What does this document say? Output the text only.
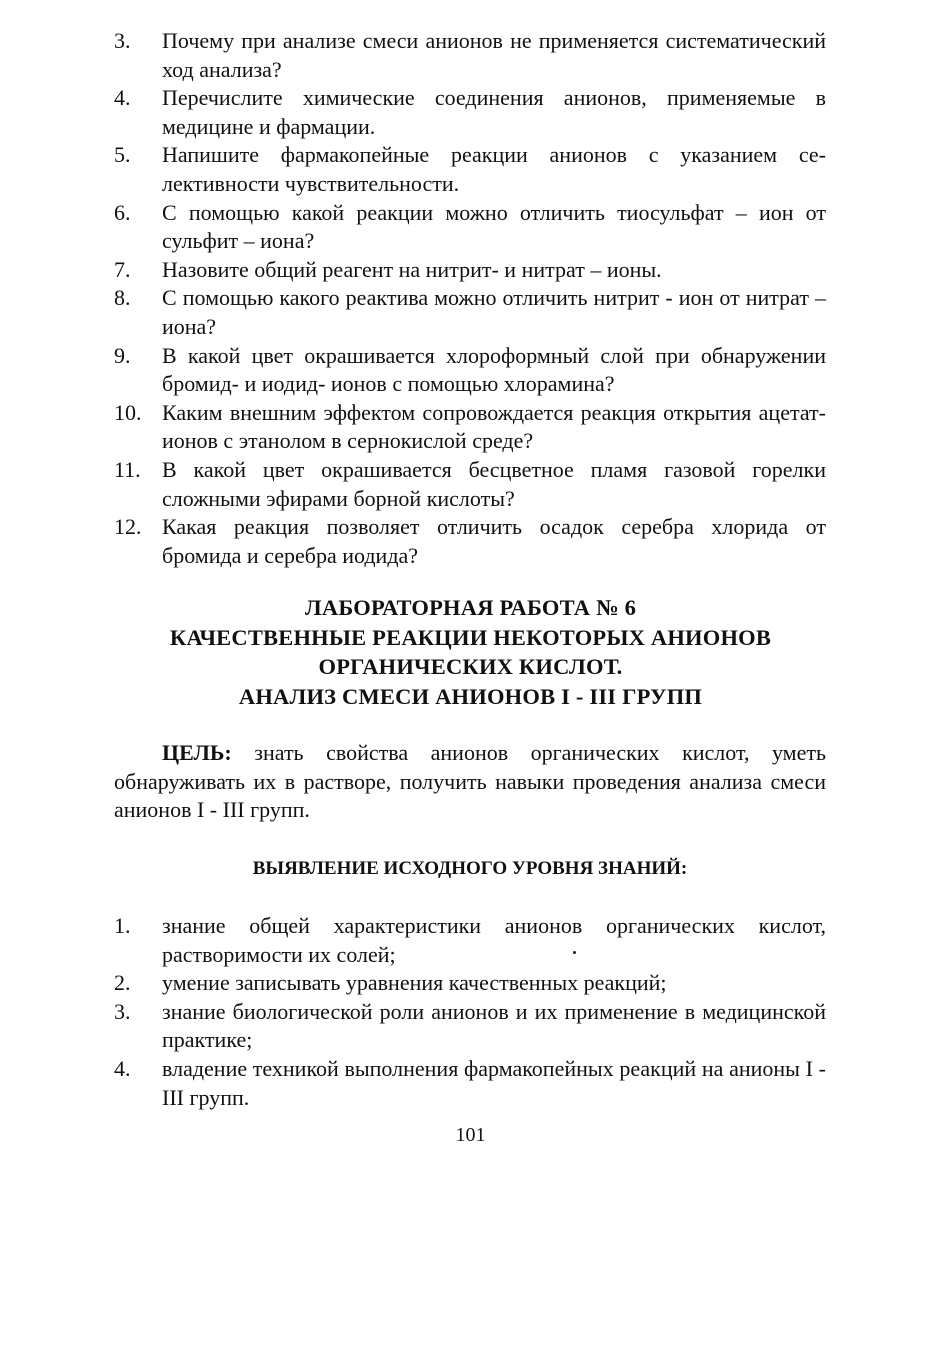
3.	Почему при анализе смеси анионов не применяется систематический ход анализа?
4.	Перечислите химические соединения анионов, применяемые в медицине и фармации.
5.	Напишите фармакопейные реакции анионов с указанием селективности чувствительности.
6.	С помощью какой реакции можно отличить тиосульфат – ион от сульфит – иона?
7.	Назовите общий реагент на нитрит- и нитрат – ионы.
8.	С помощью какого реактива можно отличить нитрит - ион от нитрат – иона?
9.	В какой цвет окрашивается хлороформный слой при обнаружении бромид- и иодид- ионов с помощью хлорамина?
10. Каким внешним эффектом сопровождается реакция открытия ацетат-ионов с этанолом в сернокислой среде?
11. В какой цвет окрашивается бесцветное пламя газовой горелки сложными эфирами борной кислоты?
12. Какая реакция позволяет отличить осадок серебра хлорида от бромида и серебра иодида?
ЛАБОРАТОРНАЯ РАБОТА № 6
КАЧЕСТВЕННЫЕ РЕАКЦИИ НЕКОТОРЫХ АНИОНОВ
ОРГАНИЧЕСКИХ КИСЛОТ.
АНАЛИЗ СМЕСИ АНИОНОВ I - III ГРУПП

ЦЕЛЬ: знать свойства анионов органических кислот, уметь обнаруживать их в растворе, получить навыки проведения анализа смеси анионов I - III групп.

ВЫЯВЛЕНИЕ ИСХОДНОГО УРОВНЯ ЗНАНИЙ:
1.	знание общей характеристики анионов органических кислот, растворимости их солей;
2.	умение записывать уравнения качественных реакций;
3.	знание биологической роли анионов и их применение в медицинской практике;
4.	владение техникой выполнения фармакопейных реакций на анионы I - III групп.
101
